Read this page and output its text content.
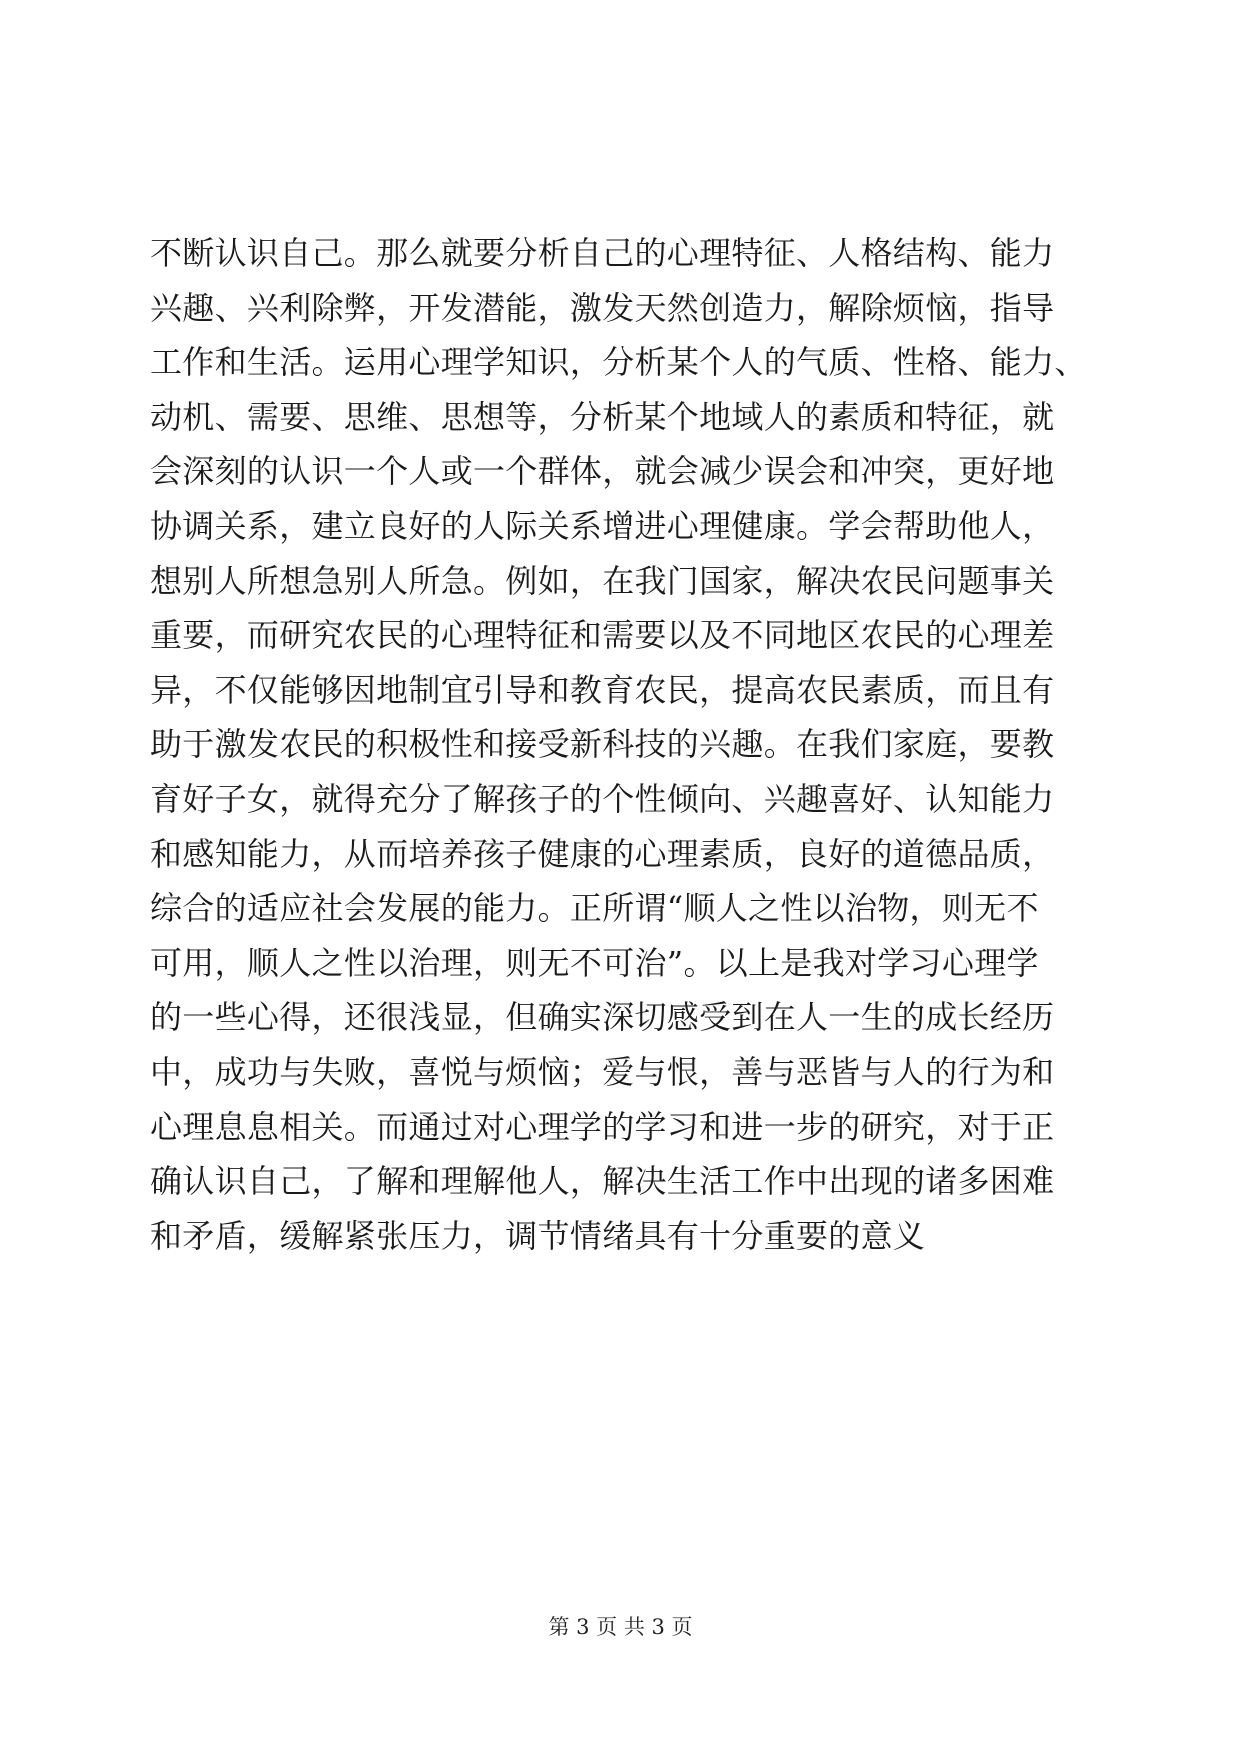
不断认识自己。那么就要分析自己的心理特征、人格结构、能力
兴趣、兴利除弊，开发潜能，激发天然创造力，解除烦恼，指导
工作和生活。运用心理学知识，分析某个人的气质、性格、能力、
动机、需要、思维、思想等，分析某个地域人的素质和特征，就
会深刻的认识一个人或一个群体，就会减少误会和冲突，更好地
协调关系，建立良好的人际关系增进心理健康。学会帮助他人，
想别人所想急别人所急。例如，在我门国家，解决农民问题事关
重要，而研究农民的心理特征和需要以及不同地区农民的心理差
异，不仅能够因地制宜引导和教育农民，提高农民素质，而且有
助于激发农民的积极性和接受新科技的兴趣。在我们家庭，要教
育好子女，就得充分了解孩子的个性倾向、兴趣喜好、认知能力
和感知能力，从而培养孩子健康的心理素质，良好的道德品质，
综合的适应社会发展的能力。正所谓“顺人之性以治物，则无不
可用，顺人之性以治理，则无不可治”。以上是我对学习心理学
的一些心得，还很浅显，但确实深切感受到在人一生的成长经历
中，成功与失败，喜悦与烦恼；爱与恨，善与恶皆与人的行为和
心理息息相关。而通过对心理学的学习和进一步的研究，对于正
确认识自己，了解和理解他人，解决生活工作中出现的诸多困难
和矛盾，缓解紧张压力，调节情绪具有十分重要的意义
第 3 页 共 3 页
